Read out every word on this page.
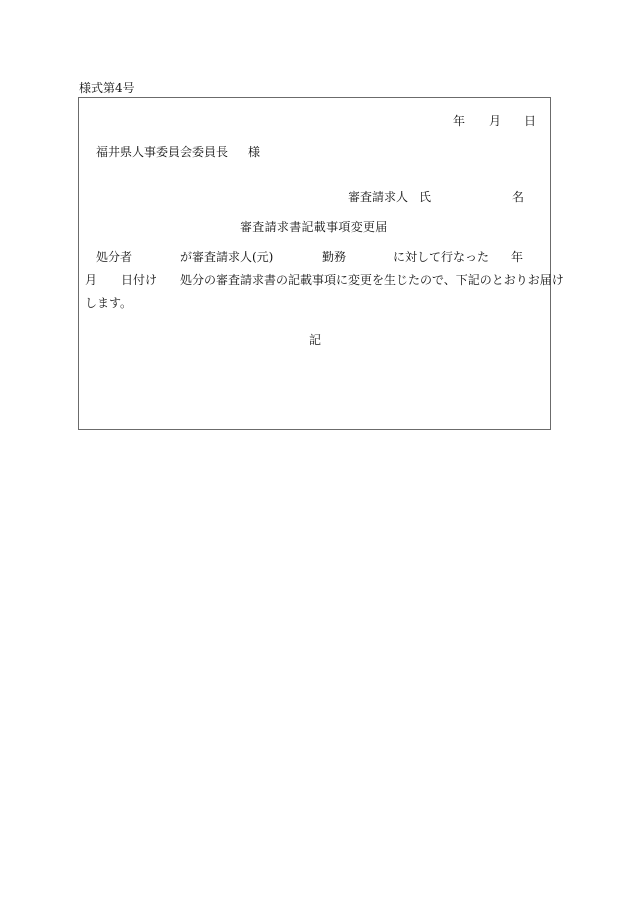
様式第4号
年 月 日
福井県人事委員会委員長 様
審査請求人 氏	名
審査請求書記載事項変更届
処分者	が審査請求人(元)	勤務	に対して行なった 年
月 日付け 処分の審査請求書の記載事項に変更を生じたので、下記のとおりお届け
します。
記
